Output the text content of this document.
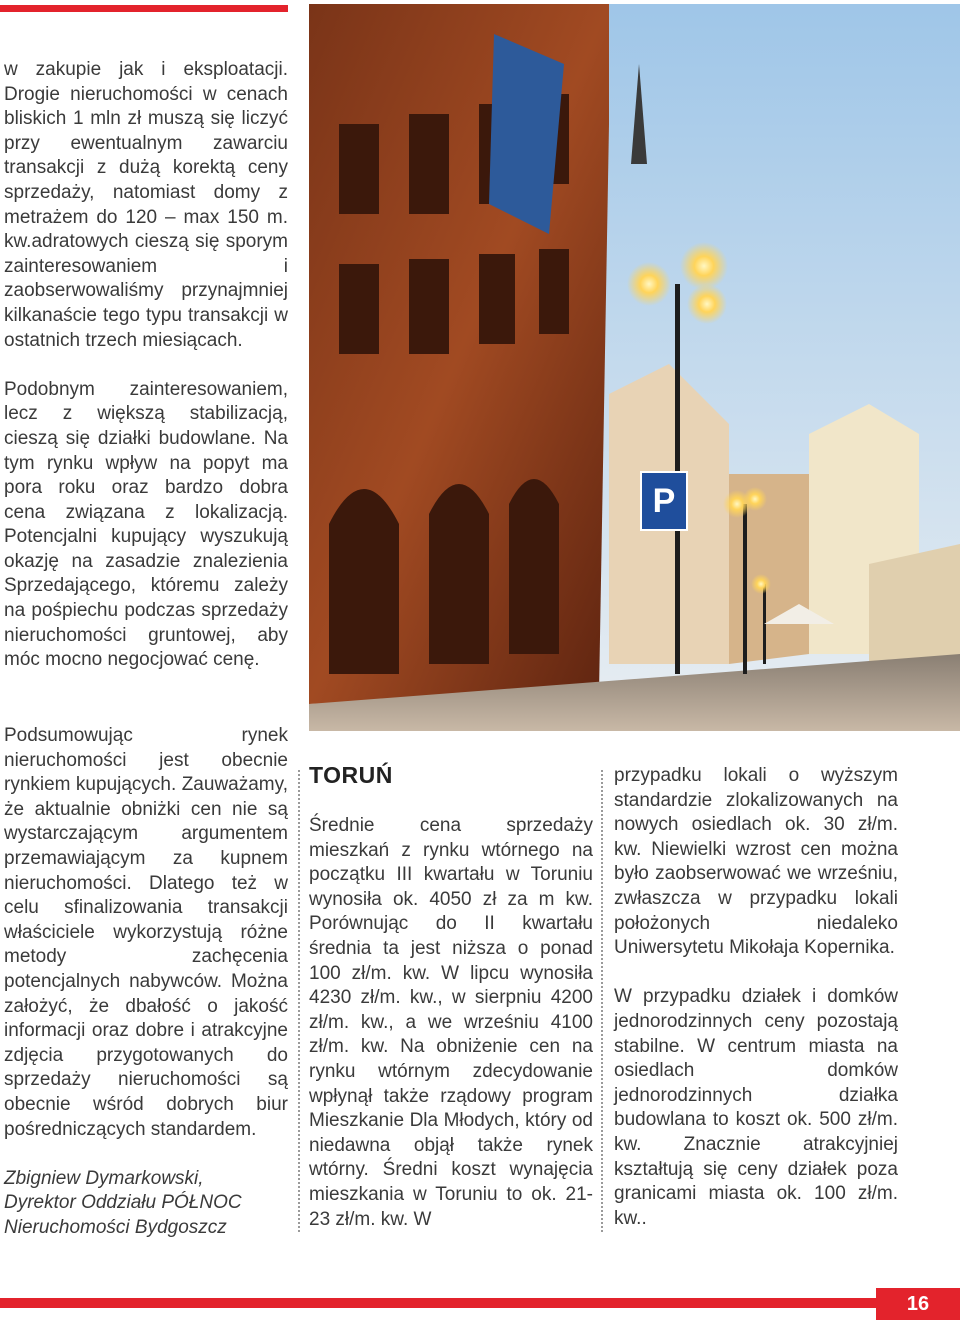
w zakupie jak i eksploatacji. Drogie nieruchomości w cenach bliskich 1 mln zł muszą się liczyć przy ewentualnym zawarciu transakcji z dużą korektą ceny sprzedaży, natomiast domy z metrażem do 120 – max 150 m. kw.adratowych cieszą się sporym zainteresowaniem i zaobserwowaliśmy przynajmniej kilkanaście tego typu transakcji w ostatnich trzech miesiącach.

Podobnym zainteresowaniem, lecz z większą stabilizacją, cieszą się działki budowlane. Na tym rynku wpływ na popyt ma pora roku oraz bardzo dobra cena związana z lokalizacją. Potencjalni kupujący wyszukują okazję na zasadzie znalezienia Sprzedającego, któremu zależy na pośpiechu podczas sprzedaży nieruchomości gruntowej, aby móc mocno negocjować cenę.

Podsumowując rynek nieruchomości jest obecnie rynkiem kupujących. Zauważamy, że aktualnie obniżki cen nie są wystarczającym argumentem przemawiającym za kupnem nieruchomości. Dlatego też w celu sfinalizowania transakcji właściciele wykorzystują różne metody zachęcenia potencjalnych nabywców. Można założyć, że dbałość o jakość informacji oraz dobre i atrakcyjne zdjęcia przygotowanych do sprzedaży nieruchomości są obecnie wśród dobrych biur pośredniczących standardem.

Zbigniew Dymarkowski,
Dyrektor Oddziału PÓŁNOC
Nieruchomości Bydgoszcz
P
TORUŃ

Średnie cena sprzedaży mieszkań z rynku wtórnego na początku III kwartału w Toruniu wynosiła ok. 4050 zł za m kw. Porównując do II kwartału średnia ta jest niższa o ponad 100 zł/m. kw. W lipcu wynosiła 4230 zł/m. kw., w sierpniu 4200 zł/m. kw., a we wrześniu 4100 zł/m. kw. Na obniżenie cen na rynku wtórnym zdecydowanie wpłynął także rządowy program Mieszkanie Dla Młodych, który od niedawna objął także rynek wtórny. Średni koszt wynajęcia mieszkania w Toruniu to ok. 21-23 zł/m. kw. W

przypadku lokali o wyższym standardzie zlokalizowanych na nowych osiedlach ok. 30 zł/m. kw. Niewielki wzrost cen można było zaobserwować we wrześniu, zwłaszcza w przypadku lokali położonych niedaleko Uniwersytetu Mikołaja Kopernika.

W przypadku działek i domków jednorodzinnych ceny pozostają stabilne. W centrum miasta na osiedlach domków jednorodzinnych działka budowlana to koszt ok. 500 zł/m. kw. Znacznie atrakcyjniej kształtują się ceny działek poza granicami miasta ok. 100 zł/m. kw..

16
